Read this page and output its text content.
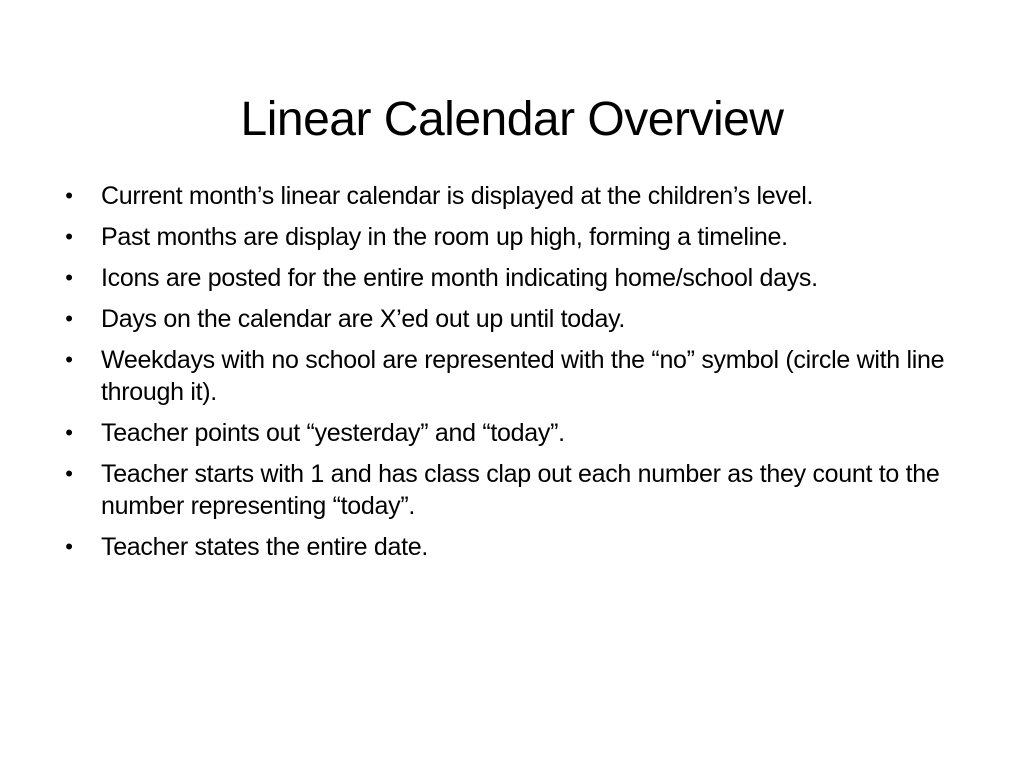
Linear Calendar Overview
• Current month’s linear calendar is displayed at the children’s level.
• Past months are display in the room up high, forming a timeline.
• Icons are posted for the entire month indicating home/school days.
• Days on the calendar are X’ed out up until today.
• Weekdays with no school are represented with the “no” symbol (circle with line through it).
• Teacher points out “yesterday” and “today”.
• Teacher starts with 1 and has class clap out each number as they count to the number representing “today”.
• Teacher states the entire date.
